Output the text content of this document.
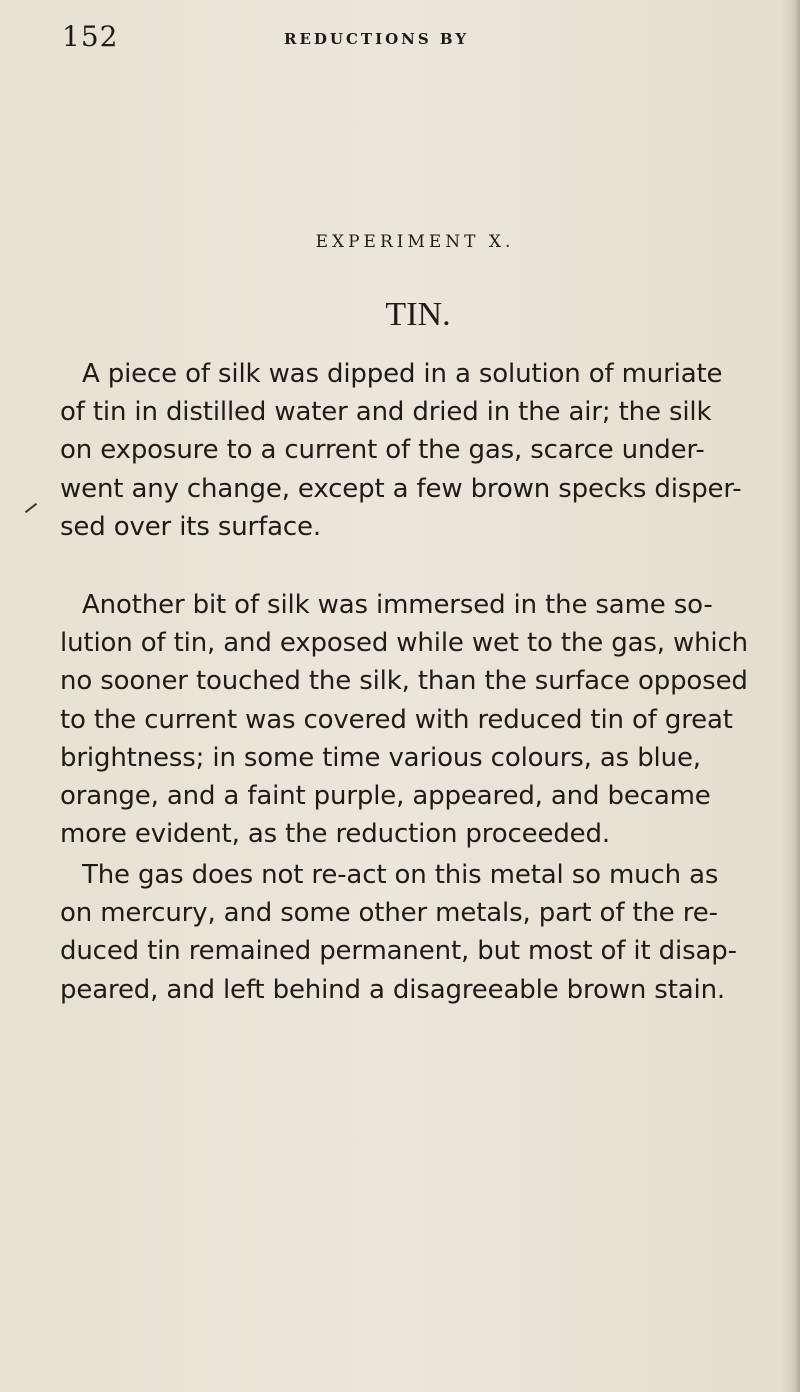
152	REDUCTIONS BY
EXPERIMENT X.
TIN.
A piece of silk was dipped in a solution of muriate
of tin in distilled water and dried in the air; the silk
on exposure to a current of the gas, scarce under-
went any change, except a few brown specks disper-
sed over its surface.
Another bit of silk was immersed in the same so-
lution of tin, and exposed while wet to the gas, which
no sooner touched the silk, than the surface opposed
to the current was covered with reduced tin of great
brightness; in some time various colours, as blue,
orange, and a faint purple, appeared, and became
more evident, as the reduction proceeded.
The gas does not re-act on this metal so much as
on mercury, and some other metals, part of the re-
duced tin remained permanent, but most of it disap-
peared, and left behind a disagreeable brown stain.
